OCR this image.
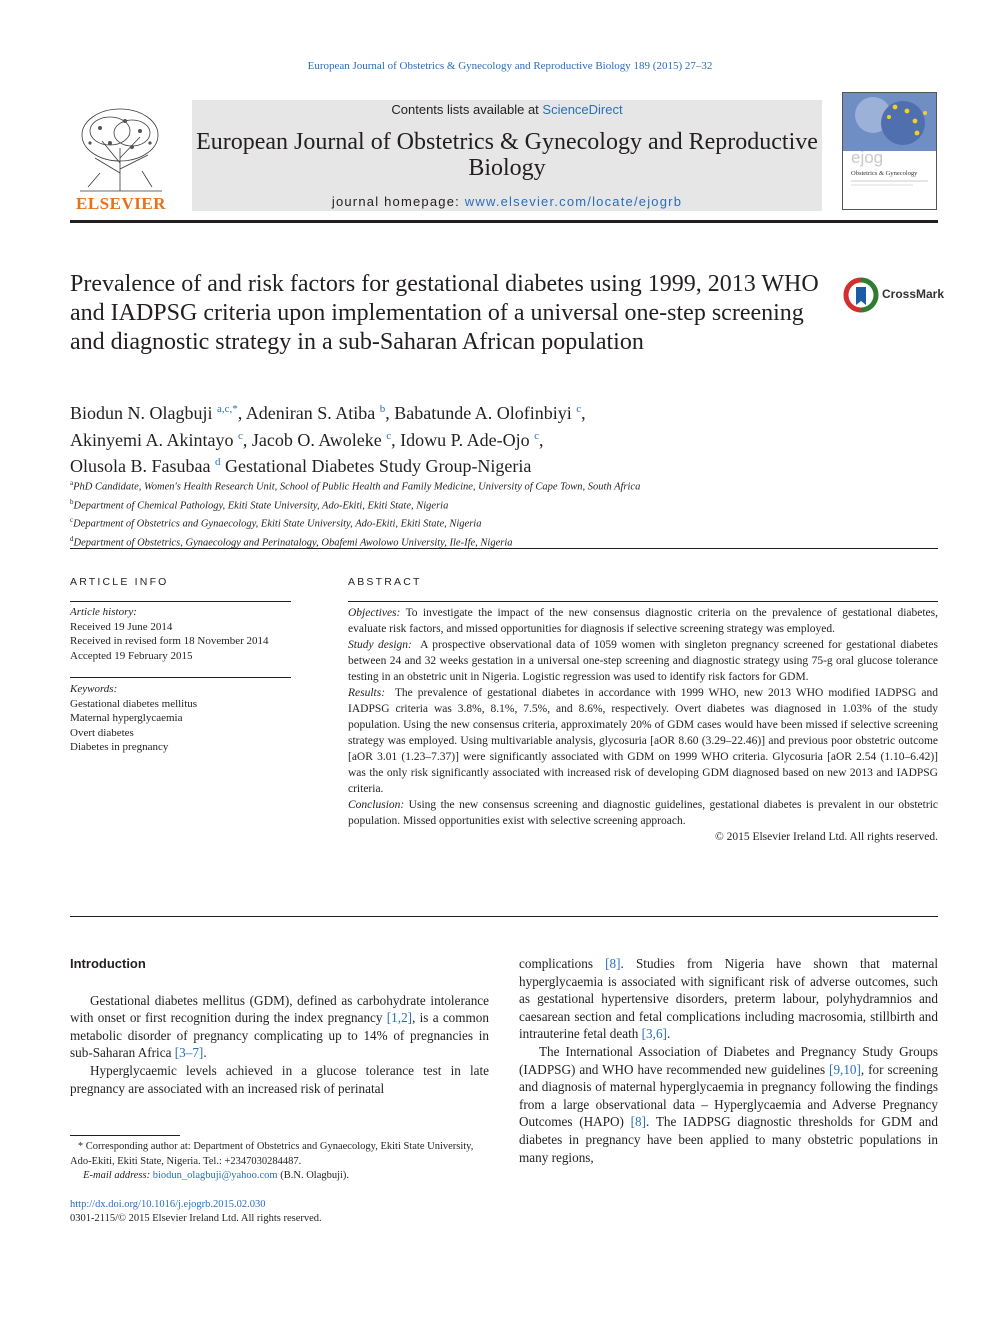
European Journal of Obstetrics & Gynecology and Reproductive Biology 189 (2015) 27–32
ELSEVIER
Contents lists available at ScienceDirect
European Journal of Obstetrics & Gynecology and Reproductive Biology
journal homepage: www.elsevier.com/locate/ejogrb
ejog
Obstetrics & Gynecology
Prevalence of and risk factors for gestational diabetes using 1999, 2013 WHO and IADPSG criteria upon implementation of a universal one-step screening and diagnostic strategy in a sub-Saharan African population
CrossMark
Biodun N. Olagbuji $^{a,c,*}$, Adeniran S. Atiba $^b$, Babatunde A. Olofinbiyi $^c$,
Akinyemi A. Akintayo $^c$, Jacob O. Awoleke $^c$, Idowu P. Ade-Ojo $^c$,
Olusola B. Fasubaa $^d$ Gestational Diabetes Study Group-Nigeria
$^a$PhD Candidate, Women's Health Research Unit, School of Public Health and Family Medicine, University of Cape Town, South Africa
$^b$Department of Chemical Pathology, Ekiti State University, Ado-Ekiti, Ekiti State, Nigeria
$^c$Department of Obstetrics and Gynaecology, Ekiti State University, Ado-Ekiti, Ekiti State, Nigeria
$^d$Department of Obstetrics, Gynaecology and Perinatalogy, Obafemi Awolowo University, Ile-Ife, Nigeria
ARTICLE INFO
Article history:
Received 19 June 2014
Received in revised form 18 November 2014
Accepted 19 February 2015
Keywords:
Gestational diabetes mellitus
Maternal hyperglycaemia
Overt diabetes
Diabetes in pregnancy
ABSTRACT

Objectives: To investigate the impact of the new consensus diagnostic criteria on the prevalence of gestational diabetes, evaluate risk factors, and missed opportunities for diagnosis if selective screening strategy was employed.

Study design: A prospective observational data of 1059 women with singleton pregnancy screened for gestational diabetes between 24 and 32 weeks gestation in a universal one-step screening and diagnostic strategy using 75-g oral glucose tolerance testing in an obstetric unit in Nigeria. Logistic regression was used to identify risk factors for GDM.

Results: The prevalence of gestational diabetes in accordance with 1999 WHO, new 2013 WHO modified IADPSG and IADPSG criteria was 3.8%, 8.1%, 7.5%, and 8.6%, respectively. Overt diabetes was diagnosed in 1.03% of the study population. Using the new consensus criteria, approximately 20% of GDM cases would have been missed if selective screening strategy was employed. Using multivariable analysis, glycosuria [aOR 8.60 (3.29–22.46)] and previous poor obstetric outcome [aOR 3.01 (1.23–7.37)] were significantly associated with GDM on 1999 WHO criteria. Glycosuria [aOR 2.54 (1.10–6.42)] was the only risk significantly associated with increased risk of developing GDM diagnosed based on new 2013 and IADPSG criteria.

Conclusion: Using the new consensus screening and diagnostic guidelines, gestational diabetes is prevalent in our obstetric population. Missed opportunities exist with selective screening approach.

© 2015 Elsevier Ireland Ltd. All rights reserved.

Introduction

Gestational diabetes mellitus (GDM), defined as carbohydrate intolerance with onset or first recognition during the index pregnancy [1,2], is a common metabolic disorder of pregnancy complicating up to 14% of pregnancies in sub-Saharan Africa [3–7].

Hyperglycaemic levels achieved in a glucose tolerance test in late pregnancy are associated with an increased risk of perinatal

complications [8]. Studies from Nigeria have shown that maternal hyperglycaemia is associated with significant risk of adverse outcomes, such as gestational hypertensive disorders, preterm labour, polyhydramnios and caesarean section and fetal complications including macrosomia, stillbirth and intrauterine fetal death [3,6].

The International Association of Diabetes and Pregnancy Study Groups (IADPSG) and WHO have recommended new guidelines [9,10], for screening and diagnosis of maternal hyperglycaemia in pregnancy following the findings from a large observational data – Hyperglycaemia and Adverse Pregnancy Outcomes (HAPO) [8]. The IADPSG diagnostic thresholds for GDM and diabetes in pregnancy have been applied to many obstetric populations in many regions,

* Corresponding author at: Department of Obstetrics and Gynaecology, Ekiti State University, Ado-Ekiti, Ekiti State, Nigeria. Tel.: +2347030284487.

E-mail address: biodun_olagbuji@yahoo.com (B.N. Olagbuji).

http://dx.doi.org/10.1016/j.ejogrb.2015.02.030
0301-2115/© 2015 Elsevier Ireland Ltd. All rights reserved.
